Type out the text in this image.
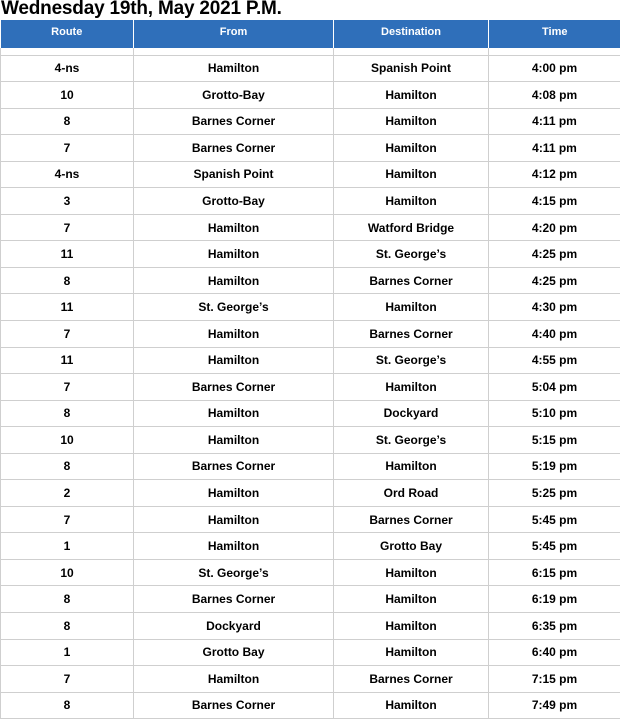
Wednesday 19th, May 2021 P.M.
Route	From	Destination	Time

4-ns	Hamilton	Spanish Point	4:00 pm
10	Grotto-Bay	Hamilton	4:08 pm
8	Barnes Corner	Hamilton	4:11 pm
7	Barnes Corner	Hamilton	4:11 pm
4-ns	Spanish Point	Hamilton	4:12 pm
3	Grotto-Bay	Hamilton	4:15 pm
7	Hamilton	Watford Bridge	4:20 pm
11	Hamilton	St. George’s	4:25 pm
8	Hamilton	Barnes Corner	4:25 pm
11	St. George’s	Hamilton	4:30 pm
7	Hamilton	Barnes Corner	4:40 pm
11	Hamilton	St. George’s	4:55 pm
7	Barnes Corner	Hamilton	5:04 pm
8	Hamilton	Dockyard	5:10 pm
10	Hamilton	St. George’s	5:15 pm
8	Barnes Corner	Hamilton	5:19 pm
2	Hamilton	Ord Road	5:25 pm
7	Hamilton	Barnes Corner	5:45 pm
1	Hamilton	Grotto Bay	5:45 pm
10	St. George’s	Hamilton	6:15 pm
8	Barnes Corner	Hamilton	6:19 pm
8	Dockyard	Hamilton	6:35 pm
1	Grotto Bay	Hamilton	6:40 pm
7	Hamilton	Barnes Corner	7:15 pm
8	Barnes Corner	Hamilton	7:49 pm
